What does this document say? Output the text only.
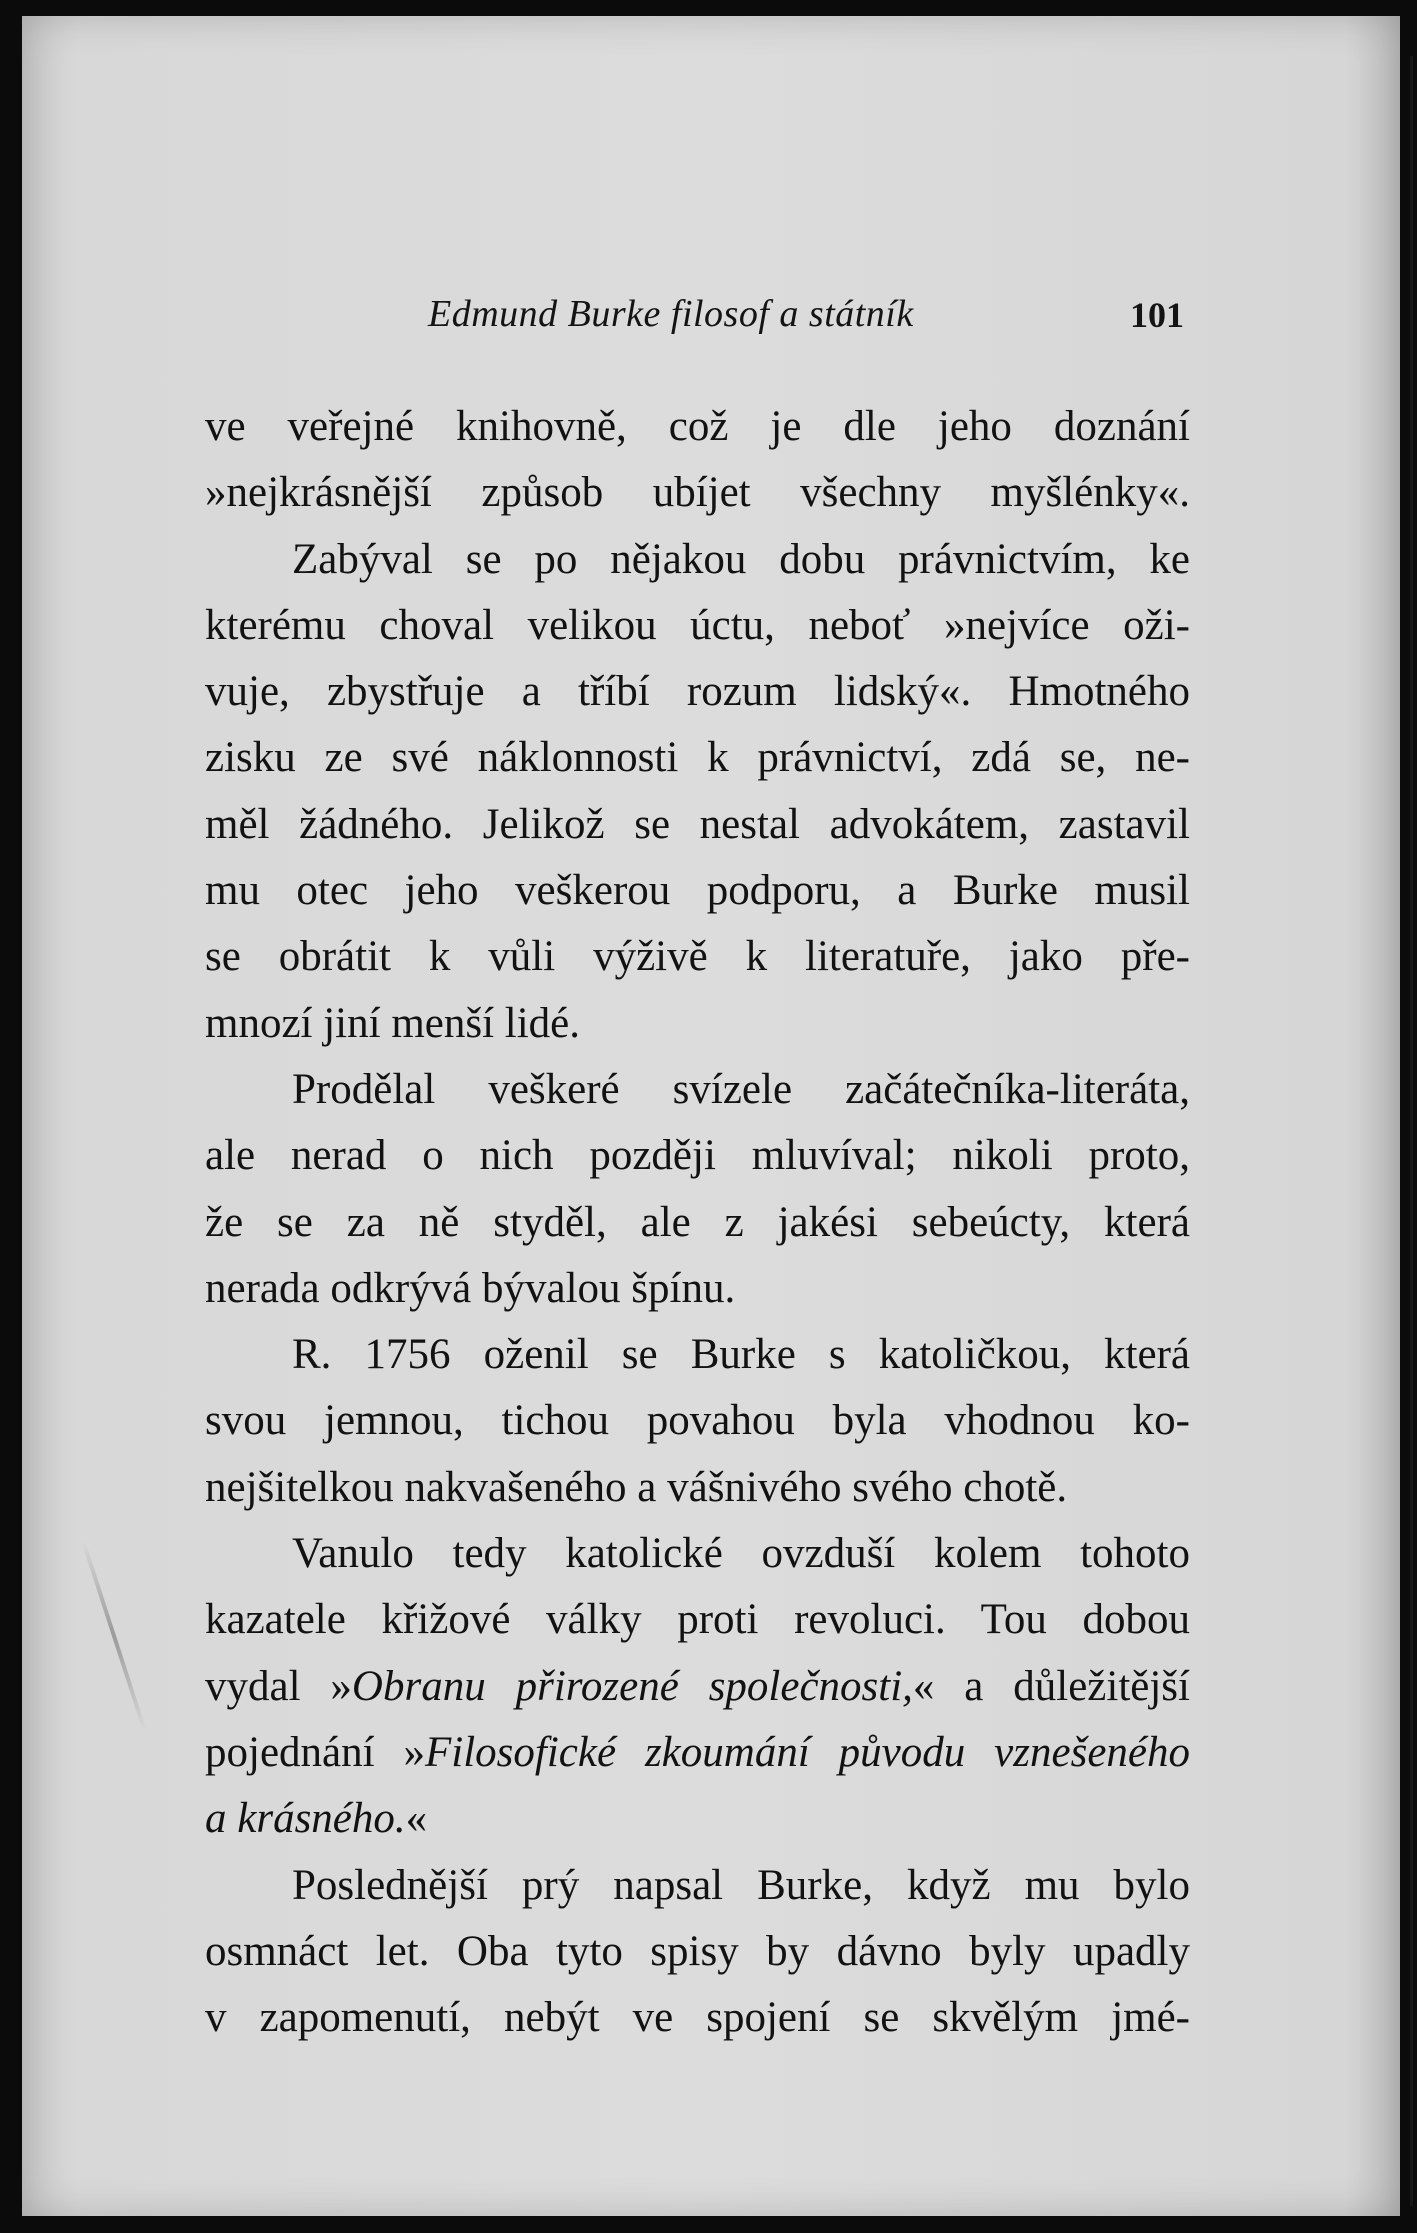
Edmund Burke filosof a státník	101
ve veřejné knihovně, což je dle jeho doznání
»nejkrásnější způsob ubíjet všechny myšlénky«.
Zabýval se po nějakou dobu právnictvím, ke
kterému choval velikou úctu, neboť »nejvíce oži-
vuje, zbystřuje a tříbí rozum lidský«. Hmotného
zisku ze své náklonnosti k právnictví, zdá se, ne-
měl žádného. Jelikož se nestal advokátem, zastavil
mu otec jeho veškerou podporu, a Burke musil
se obrátit k vůli výživě k literatuře, jako pře-
mnozí jiní menší lidé.
Prodělal veškeré svízele začátečníka-literáta,
ale nerad o nich později mluvíval; nikoli proto,
že se za ně styděl, ale z jakési sebeúcty, která
nerada odkrývá bývalou špínu.
R. 1756 oženil se Burke s katoličkou, která
svou jemnou, tichou povahou byla vhodnou ko-
nejšitelkou nakvašeného a vášnivého svého chotě.
Vanulo tedy katolické ovzduší kolem tohoto
kazatele křižové války proti revoluci. Tou dobou
vydal »Obranu přirozené společnosti,« a důležitější
pojednání »Filosofické zkoumání původu vznešeného
a krásného.«
Poslednější prý napsal Burke, když mu bylo
osmnáct let. Oba tyto spisy by dávno byly upadly
v zapomenutí, nebýt ve spojení se skvělým jmé-
